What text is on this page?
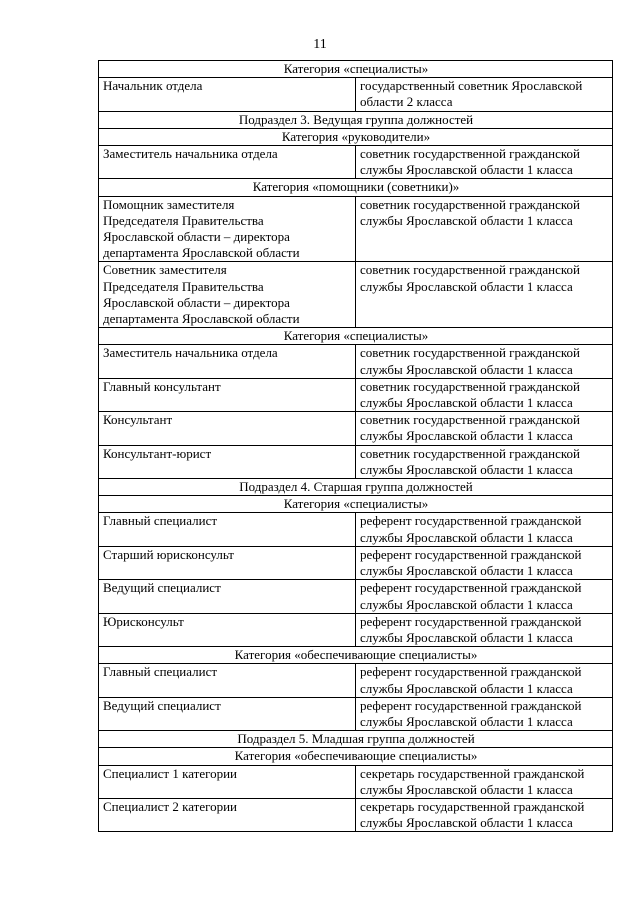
11
Категория «специалисты»	

Начальник отдела	государственный советник Ярославской
области 2 класса

Подраздел 3. Ведущая группа должностей	
Категория «руководители»	

Заместитель начальника отдела	советник государственной гражданской
службы Ярославской области 1 класса

Категория «помощники (советники)»	

Помощник заместителя
Председателя Правительства
Ярославской области – директора
департамента Ярославской области	советник государственной гражданской
службы Ярославской области 1 класса

Советник заместителя
Председателя Правительства
Ярославской области – директора
департамента Ярославской области	советник государственной гражданской
службы Ярославской области 1 класса

Категория «специалисты»	

Заместитель начальника отдела	советник государственной гражданской
службы Ярославской области 1 класса

Главный консультант	советник государственной гражданской
службы Ярославской области 1 класса

Консультант	советник государственной гражданской
службы Ярославской области 1 класса

Консультант-юрист	советник государственной гражданской
службы Ярославской области 1 класса

Подраздел 4. Старшая группа должностей	
Категория «специалисты»	

Главный специалист	референт государственной гражданской
службы Ярославской области 1 класса

Старший юрисконсульт	референт государственной гражданской
службы Ярославской области 1 класса

Ведущий специалист	референт государственной гражданской
службы Ярославской области 1 класса

Юрисконсульт	референт государственной гражданской
службы Ярославской области 1 класса

Категория «обеспечивающие специалисты»	

Главный специалист	референт государственной гражданской
службы Ярославской области 1 класса

Ведущий специалист	референт государственной гражданской
службы Ярославской области 1 класса

Подраздел 5. Младшая группа должностей	
Категория «обеспечивающие специалисты»	

Специалист 1 категории	секретарь государственной гражданской
службы Ярославской области 1 класса

Специалист 2 категории	секретарь государственной гражданской
службы Ярославской области 1 класса
